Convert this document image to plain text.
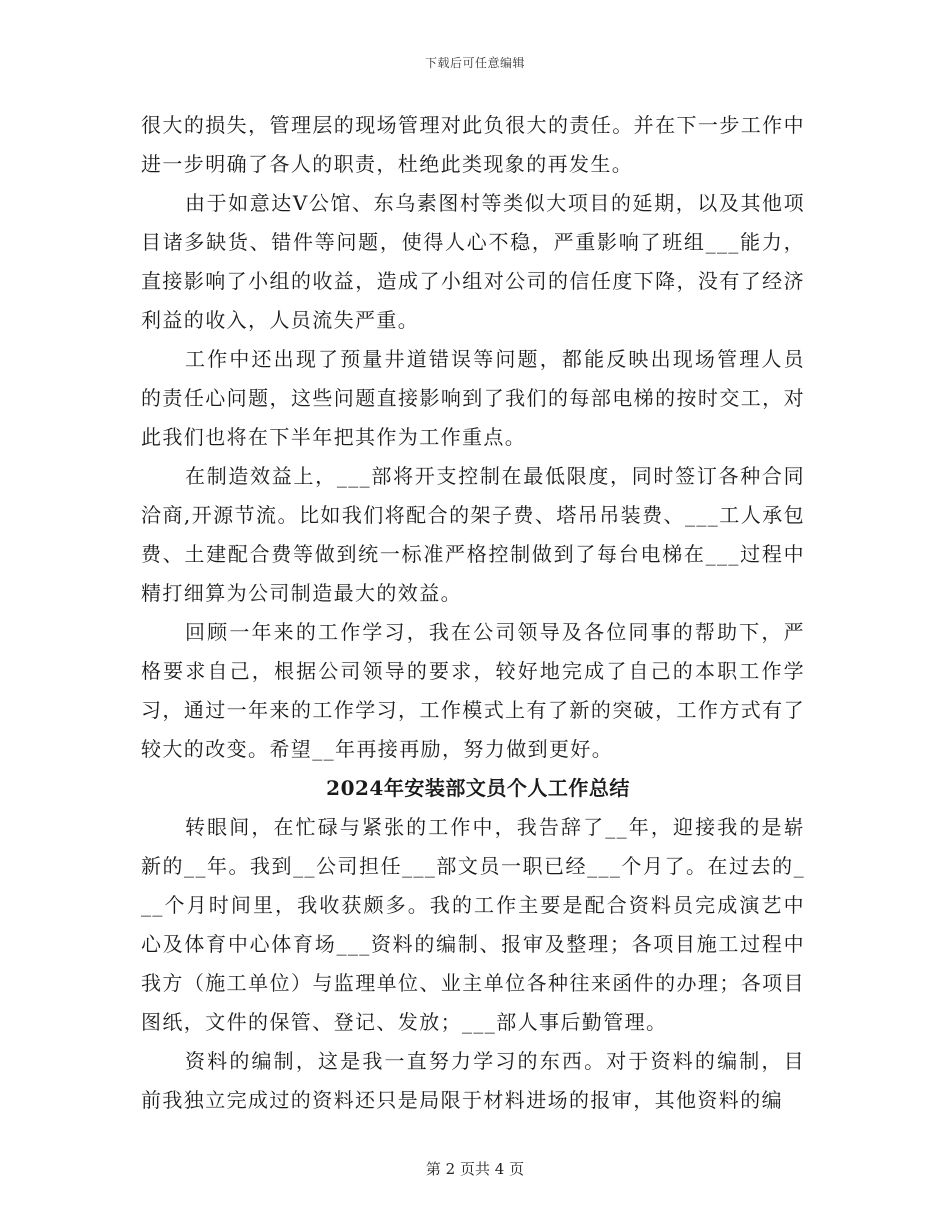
下载后可任意编辑

很大的损失，管理层的现场管理对此负很大的责任。并在下一步工作中进一步明确了各人的职责，杜绝此类现象的再发生。

由于如意达Ⅴ公馆、东乌素图村等类似大项目的延期，以及其他项目诸多缺货、错件等问题，使得人心不稳，严重影响了班组___能力，直接影响了小组的收益，造成了小组对公司的信任度下降，没有了经济利益的收入，人员流失严重。

工作中还出现了预量井道错误等问题，都能反映出现场管理人员的责任心问题，这些问题直接影响到了我们的每部电梯的按时交工，对此我们也将在下半年把其作为工作重点。

在制造效益上，___部将开支控制在最低限度，同时签订各种合同洽商,开源节流。比如我们将配合的架子费、塔吊吊装费、___工人承包费、土建配合费等做到统一标准严格控制做到了每台电梯在___过程中精打细算为公司制造最大的效益。

回顾一年来的工作学习，我在公司领导及各位同事的帮助下，严格要求自己，根据公司领导的要求，较好地完成了自己的本职工作学习，通过一年来的工作学习，工作模式上有了新的突破，工作方式有了较大的改变。希望__年再接再励，努力做到更好。

2024年安装部文员个人工作总结

转眼间，在忙碌与紧张的工作中，我告辞了__年，迎接我的是崭新的__年。我到__公司担任___部文员一职已经___个月了。在过去的___个月时间里，我收获颇多。我的工作主要是配合资料员完成演艺中心及体育中心体育场___资料的编制、报审及整理；各项目施工过程中我方（施工单位）与监理单位、业主单位各种往来函件的办理；各项目图纸，文件的保管、登记、发放；___部人事后勤管理。

资料的编制，这是我一直努力学习的东西。对于资料的编制，目前我独立完成过的资料还只是局限于材料进场的报审，其他资料的编

第 2 页共 4 页
